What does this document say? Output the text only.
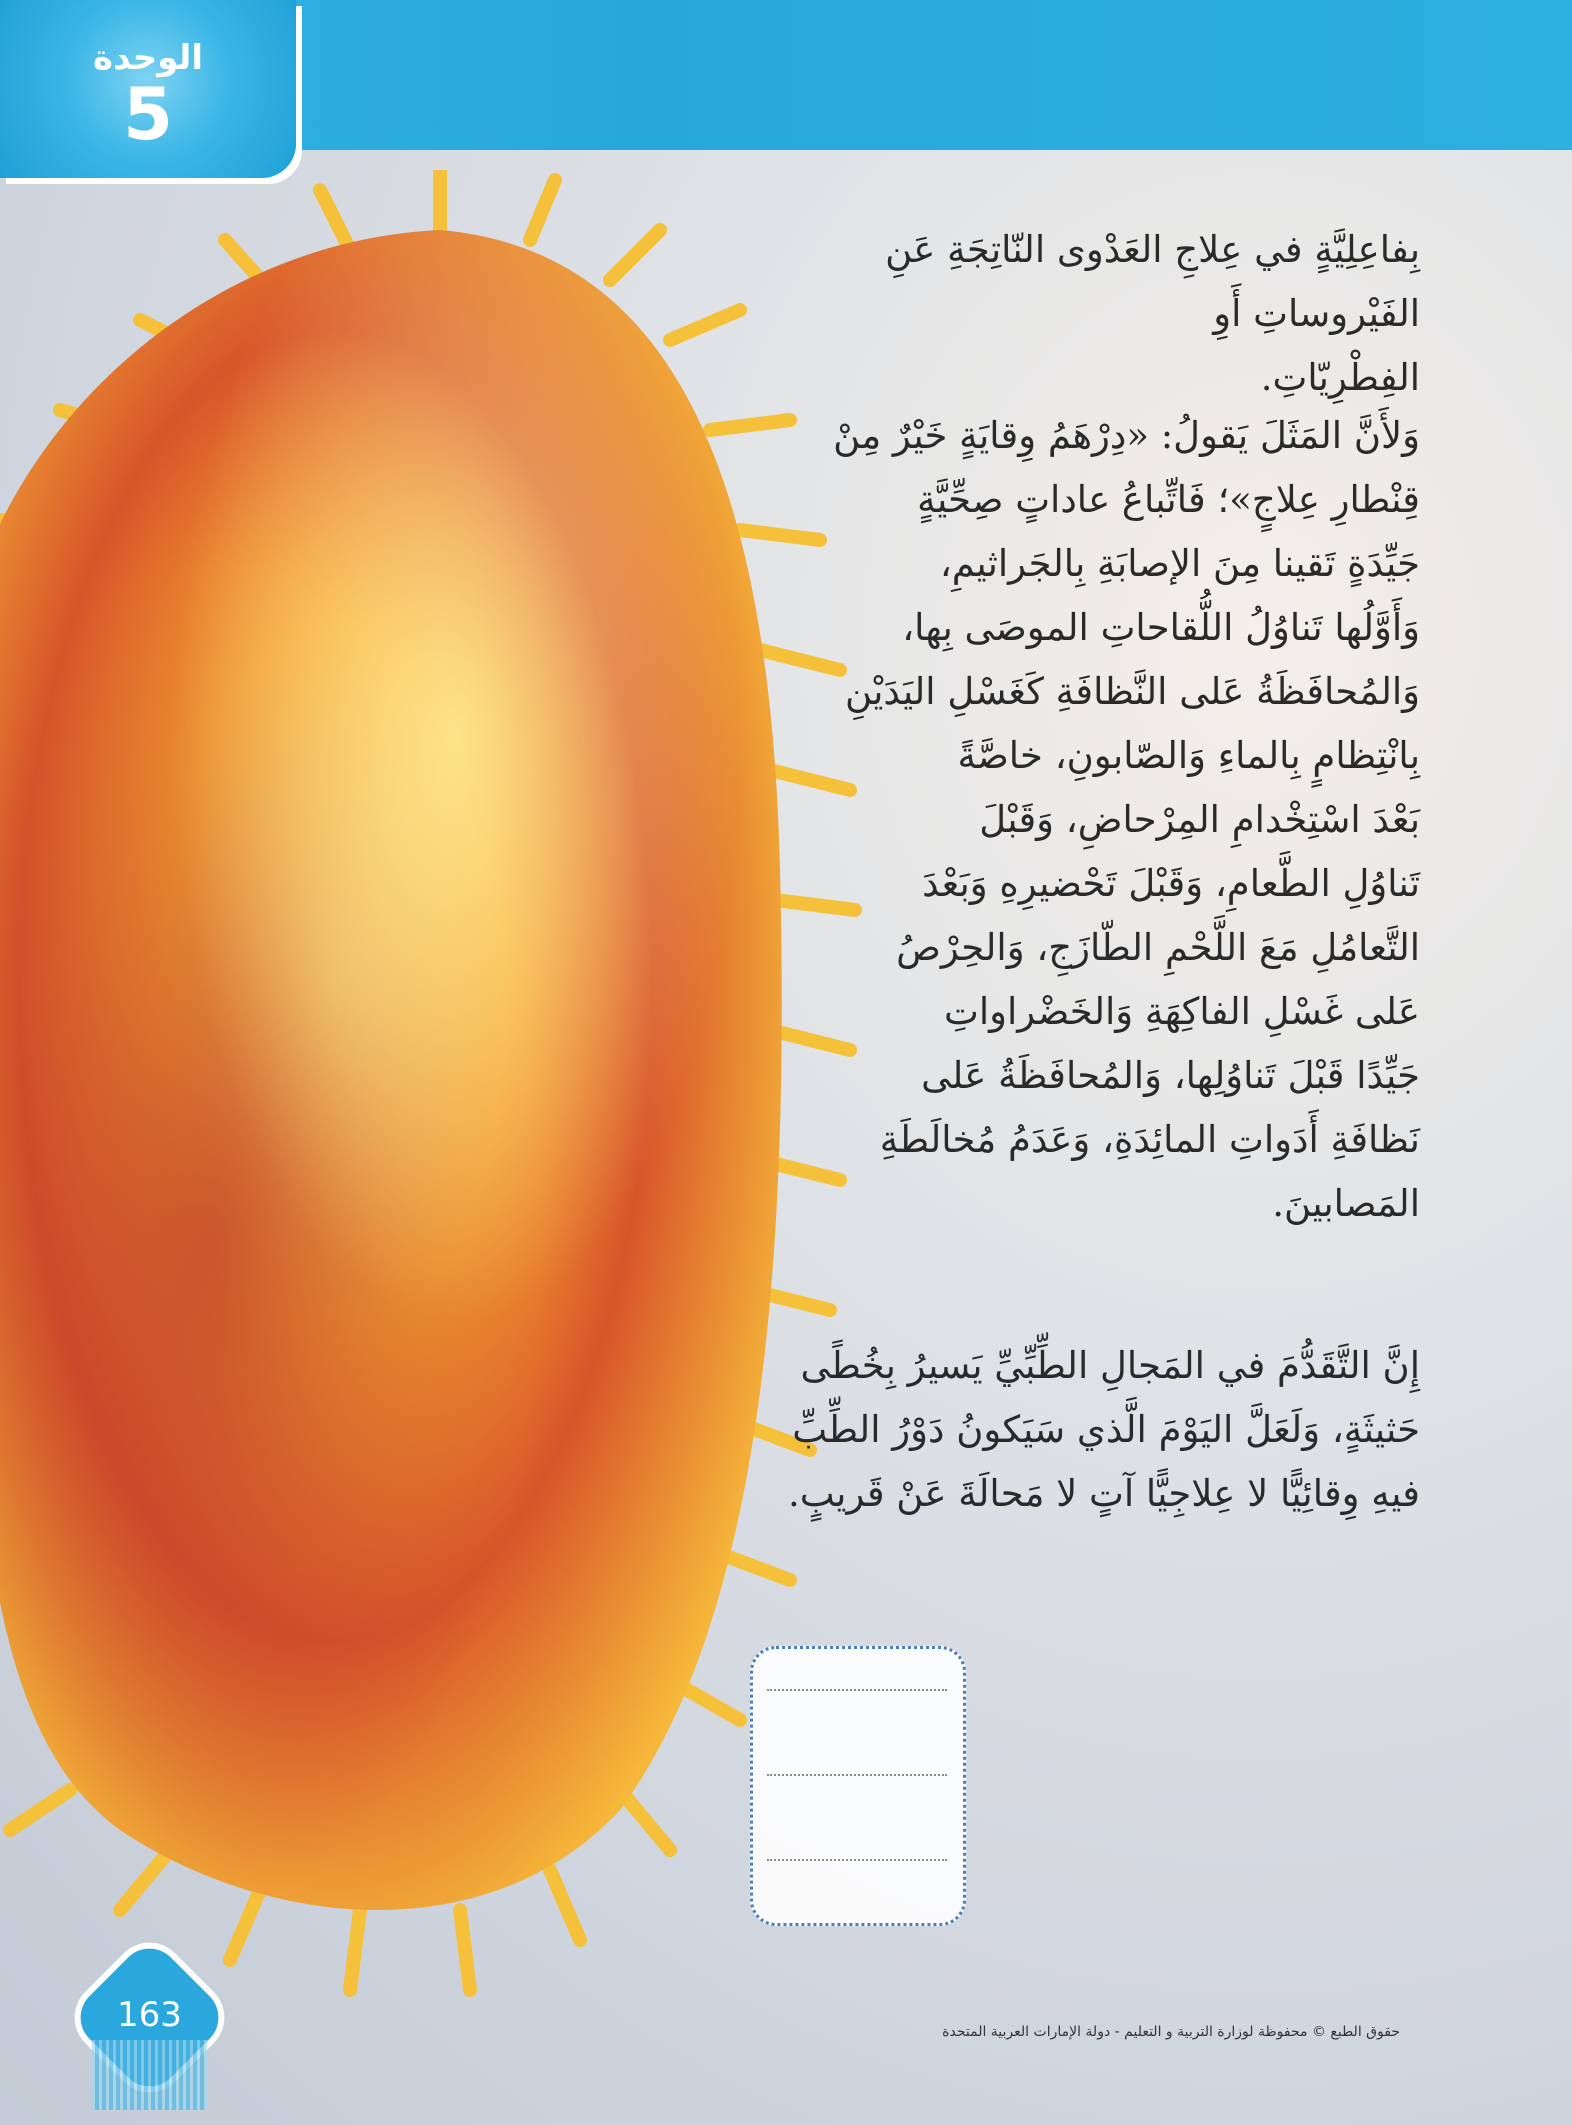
الوحدة
5

بِفاعِلِيَّةٍ في عِلاجِ العَدْوى النّاتِجَةِ عَنِ الفَيْروساتِ أَوِ

الفِطْرِيّاتِ.

وَلأَنَّ المَثَلَ يَقولُ: «دِرْهَمُ وِقايَةٍ خَيْرٌ مِنْ

قِنْطارِ عِلاجٍ»؛ فَاتِّباعُ عاداتٍ صِحِّيَّةٍ

جَيِّدَةٍ تَقينا مِنَ الإصابَةِ بِالجَراثيمِ،

وَأَوَّلُها تَناوُلُ اللُّقاحاتِ الموصَى بِها،

وَالمُحافَظَةُ عَلى النَّظافَةِ كَغَسْلِ اليَدَيْنِ

بِانْتِظامٍ بِالماءِ وَالصّابونِ، خاصَّةً

بَعْدَ اسْتِخْدامِ المِرْحاضِ، وَقَبْلَ

تَناوُلِ الطَّعامِ، وَقَبْلَ تَحْضيرِهِ وَبَعْدَ

التَّعامُلِ مَعَ اللَّحْمِ الطّازَجِ، وَالحِرْصُ

عَلى غَسْلِ الفاكِهَةِ وَالخَضْراواتِ

جَيِّدًا قَبْلَ تَناوُلِها، وَالمُحافَظَةُ عَلى

نَظافَةِ أَدَواتِ المائِدَةِ، وَعَدَمُ مُخالَطَةِ

المَصابينَ.

إِنَّ التَّقَدُّمَ في المَجالِ الطِّبِّيِّ يَسيرُ بِخُطًى

حَثيثَةٍ، وَلَعَلَّ اليَوْمَ الَّذي سَيَكونُ دَوْرُ الطِّبِّ

فيهِ وِقائِيًّا لا عِلاجِيًّا آتٍ لا مَحالَةَ عَنْ قَريبٍ.

163	حقوق الطبع © محفوظة لوزارة التربية و التعليم - دولة الإمارات العربية المتحدة
